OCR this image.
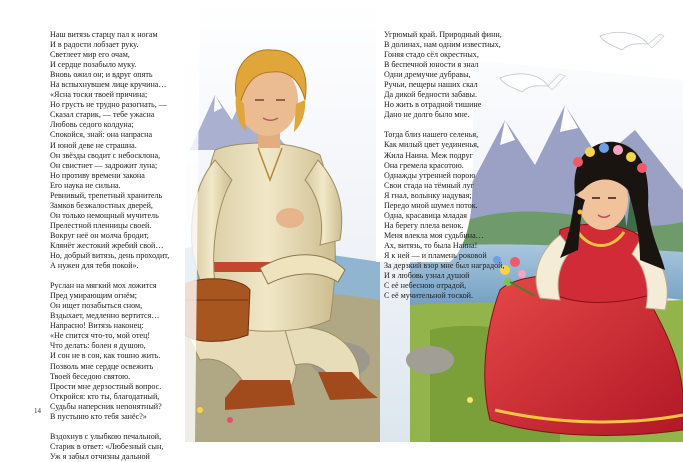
Наш витязь старцу пал к ногам
И в радости лобзает руку.
Светлеет мир его очам,
И сердце позабыло муку.
Вновь ожил он; и вдруг опять
На вспыхнувшем лице кручина…
«Ясна тоски твоей причина;
Но грусть не трудно разогнать, —
Сказал старик, — тебе ужасна
Любовь седого колдуна;
Спокойся, знай: она напрасна
И юной деве не страшна.
Он звёзды сводит с небосклона,
Он свистнет — задрожит луна;
Но противу времени закона
Его наука не сильна.
Ревнивый, трепетный хранитель
Замков безжалостных дверей,
Он только немощный мучитель
Прелестной пленницы своей.
Вокруг неё он молча бродит,
Клянёт жестокий жребий свой…
Но, добрый витязь, день проходит,
А нужен для тебя покой».
Руслан на мягкий мох ложится
Пред умирающим огнём;
Он ищет позабыться сном,
Вздыхает, медленно вертится…
Напрасно! Витязь наконец:
«Не спится что-то, мой отец!
Что делать: болен я душою,
И сон не в сон, как тошно жить.
Позволь мне сердце освежить
Твоей беседою святою.
Прости мне дерзостный вопрос.
Откройся: кто ты, благодатный,
Судьбы наперсник непонятный?
В пустыню кто тебя занёс?»
Вздохнув с улыбкою печальной,
Старик в ответ: «Любезный сын,
Уж я забыл отчизны дальной
Угрюмый край. Природный финн,
В долинах, нам одним известных,
Гоняя стадо сёл окрестных,
В беспечной юности я знал
Одни дремучие дубравы,
Ручьи, пещеры наших скал
Да дикой бедности забавы.
Но жить в отрадной тишине
Дано не долго было мне.
Тогда близ нашего селенья,
Как милый цвет уединенья,
Жила Наина. Меж подруг
Она гремела красотою.
Однажды утренней порою
Свои стада на тёмный луг
Я гнал, волынку надувая;
Передо мной шумел поток.
Одна, красавица младая
На берегу плела венок.
Меня влекла моя судьбина…
Ах, витязь, то была Наина!
Я к ней — и пламень роковой
За дерзкий взор мне был наградой,
И я любовь узнал душой
С её небесною отрадой,
С её мучительной тоской.
14
